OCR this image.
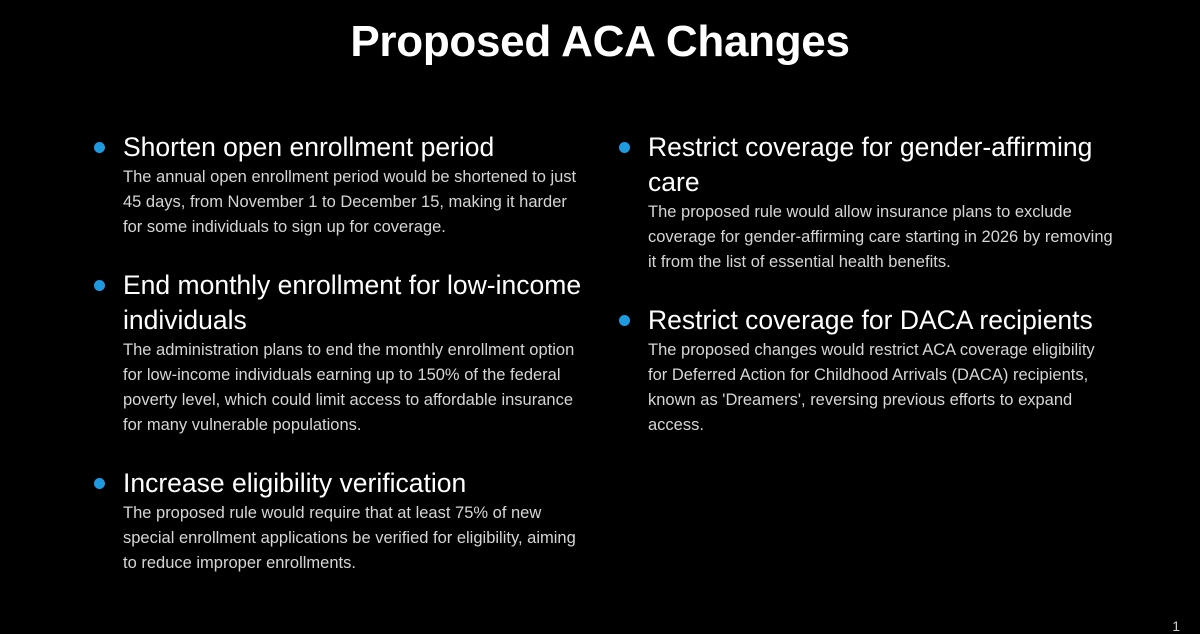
Proposed ACA Changes

Shorten open enrollment period

The annual open enrollment period would be shortened to just 45 days, from November 1 to December 15, making it harder for some individuals to sign up for coverage.

End monthly enrollment for low-income individuals

The administration plans to end the monthly enrollment option for low-income individuals earning up to 150% of the federal poverty level, which could limit access to affordable insurance for many vulnerable populations.

Increase eligibility verification

The proposed rule would require that at least 75% of new special enrollment applications be verified for eligibility, aiming to reduce improper enrollments.

Restrict coverage for gender-affirming care

The proposed rule would allow insurance plans to exclude coverage for gender-affirming care starting in 2026 by removing it from the list of essential health benefits.

Restrict coverage for DACA recipients

The proposed changes would restrict ACA coverage eligibility for Deferred Action for Childhood Arrivals (DACA) recipients, known as 'Dreamers', reversing previous efforts to expand access.

1
